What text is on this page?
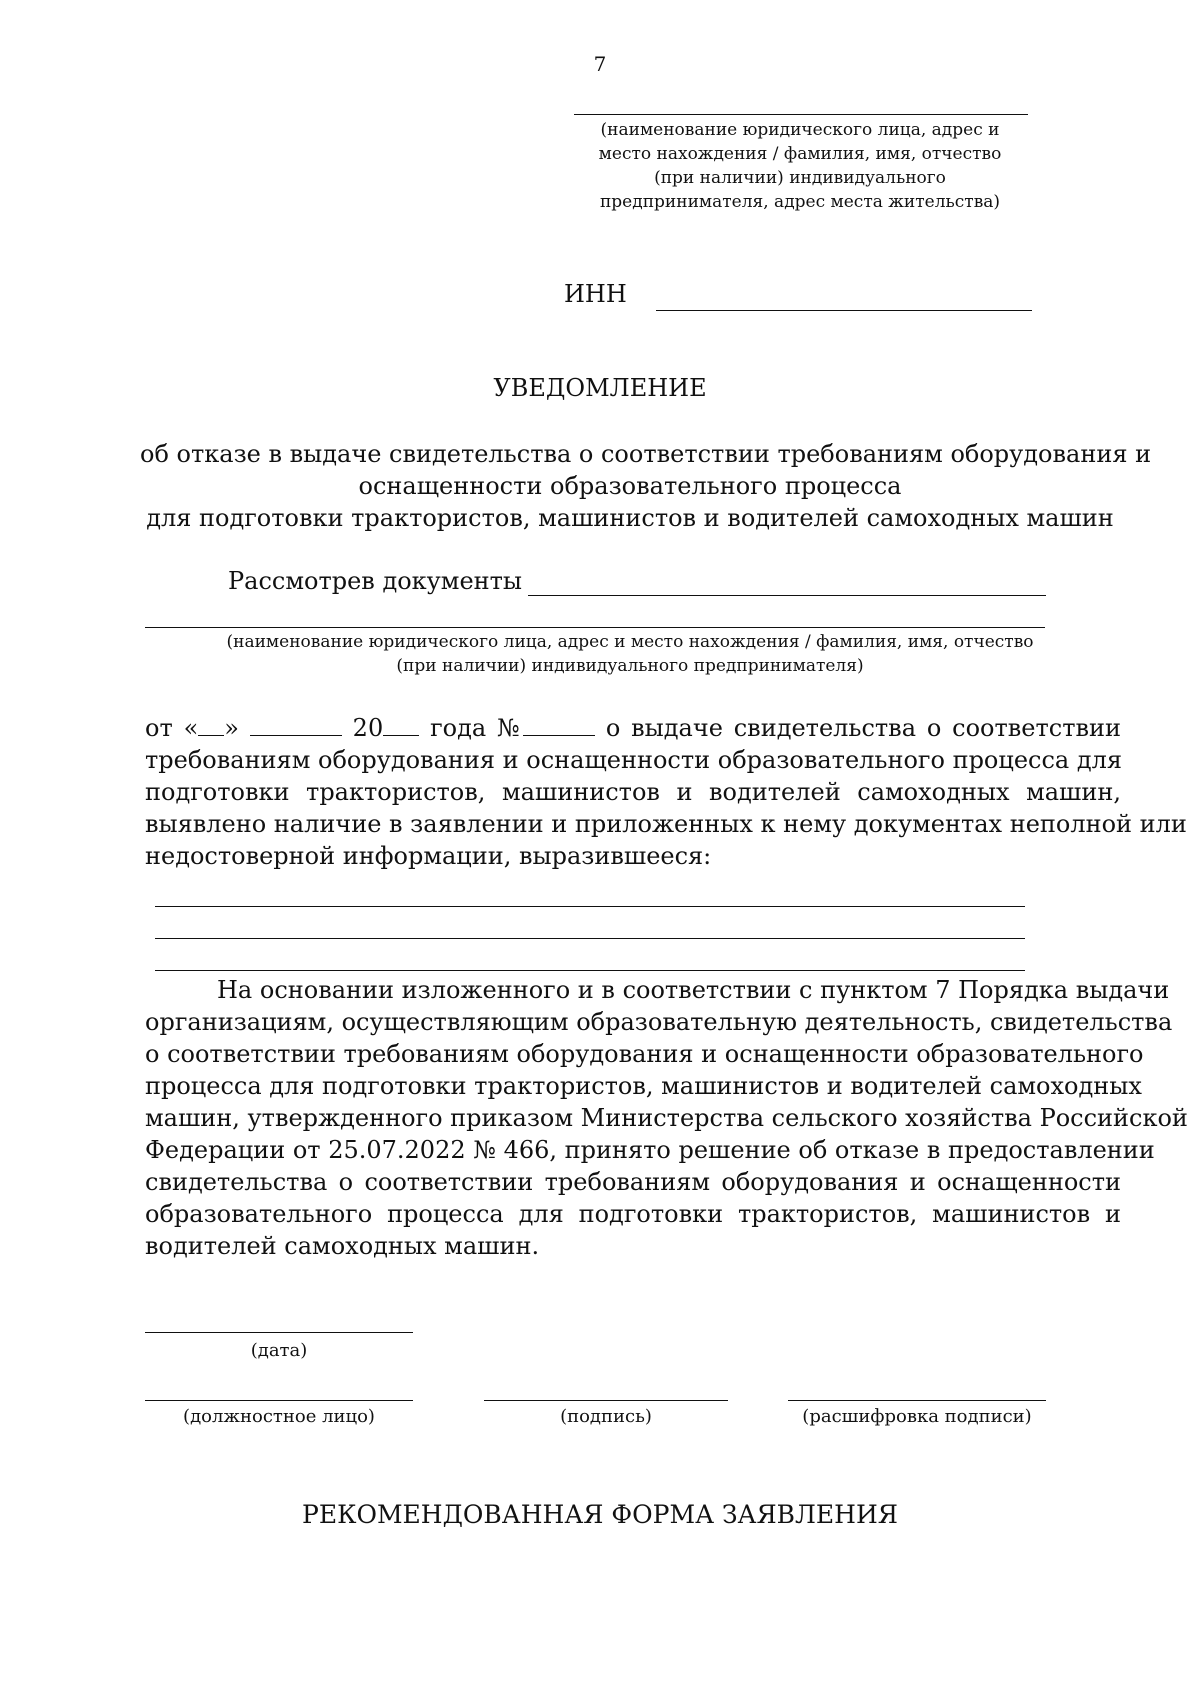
7
(наименование юридического лица, адрес и
место нахождения / фамилия, имя, отчество
(при наличии) индивидуального
предпринимателя, адрес места жительства)
ИНН
УВЕДОМЛЕНИЕ
об отказе в выдаче свидетельства о соответствии требованиям оборудования и
оснащенности образовательного процесса
для подготовки трактористов, машинистов и водителей самоходных машин
Рассмотрев документы
(наименование юридического лица, адрес и место нахождения / фамилия, имя, отчество
(при наличии) индивидуального предпринимателя)
от « »	20 года №	о выдаче свидетельства о соответствии
требованиям оборудования и оснащенности образовательного процесса для
подготовки трактористов, машинистов и водителей самоходных машин,
выявлено наличие в заявлении и приложенных к нему документах неполной или
недостоверной информации, выразившееся:
На основании изложенного и в соответствии с пунктом 7 Порядка выдачи
организациям, осуществляющим образовательную деятельность, свидетельства
о соответствии требованиям оборудования и оснащенности образовательного
процесса для подготовки трактористов, машинистов и водителей самоходных
машин, утвержденного приказом Министерства сельского хозяйства Российской
Федерации от 25.07.2022 № 466, принято решение об отказе в предоставлении
свидетельства о соответствии требованиям оборудования и оснащенности
образовательного процесса для подготовки трактористов, машинистов и
водителей самоходных машин.
(дата)
(должностное лицо)	(подпись)	(расшифровка подписи)
РЕКОМЕНДОВАННАЯ ФОРМА ЗАЯВЛЕНИЯ
